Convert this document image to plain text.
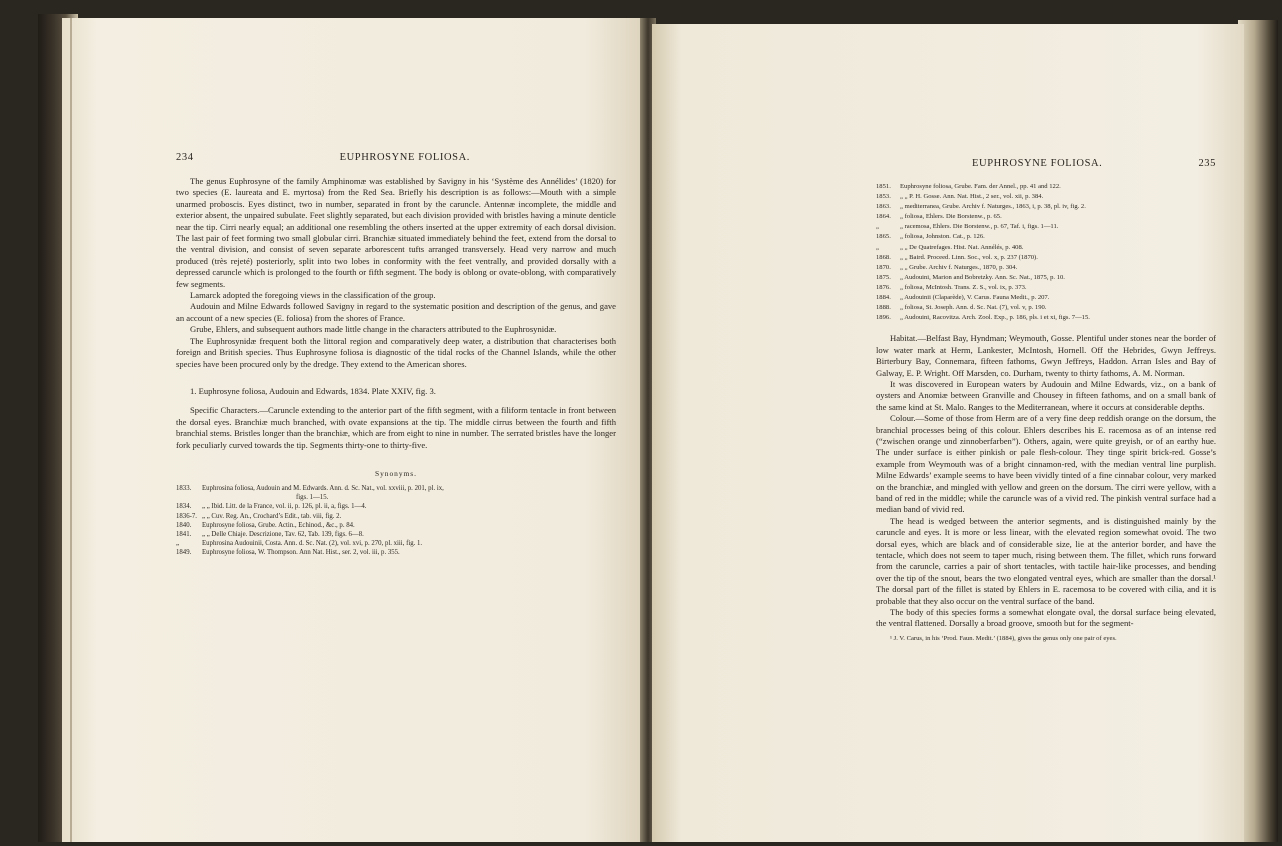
234	EUPHROSYNE FOLIOSA.

The genus Euphrosyne of the family Amphinomæ was established by Savigny in his ‘Système des Annélides’ (1820) for two species (E. laureata and E. myrtosa) from the Red Sea. Briefly his description is as follows:—Mouth with a simple unarmed proboscis. Eyes distinct, two in number, separated in front by the caruncle. Antennæ incomplete, the middle and exterior absent, the unpaired subulate. Feet slightly separated, but each division provided with bristles having a minute denticle near the tip. Cirri nearly equal; an additional one resembling the others inserted at the upper extremity of each dorsal division. The last pair of feet forming two small globular cirri. Branchiæ situated immediately behind the feet, extend from the dorsal to the ventral division, and consist of seven separate arborescent tufts arranged transversely. Head very narrow and much produced (très rejeté) posteriorly, split into two lobes in conformity with the feet ventrally, and provided dorsally with a depressed caruncle which is prolonged to the fourth or fifth segment. The body is oblong or ovate-oblong, with comparatively few segments.

Lamarck adopted the foregoing views in the classification of the group.

Audouin and Milne Edwards followed Savigny in regard to the systematic position and description of the genus, and gave an account of a new species (E. foliosa) from the shores of France.

Grube, Ehlers, and subsequent authors made little change in the characters attributed to the Euphrosynidæ.

The Euphrosynidæ frequent both the littoral region and comparatively deep water, a distribution that characterises both foreign and British species. Thus Euphrosyne foliosa is diagnostic of the tidal rocks of the Channel Islands, while the other species have been procured only by the dredge. They extend to the American shores.

1. Euphrosyne foliosa, Audouin and Edwards, 1834. Plate XXIV, fig. 3.

Specific Characters.—Caruncle extending to the anterior part of the fifth segment, with a filiform tentacle in front between the dorsal eyes. Branchiæ much branched, with ovate expansions at the tip. The middle cirrus between the fourth and fifth branchial stems. Bristles longer than the branchiæ, which are from eight to nine in number. The serrated bristles have the longer fork peculiarly curved towards the tip. Segments thirty-one to thirty-five.

Synonyms.
1833. Euphrosina foliosa, Audouin and M. Edwards. Ann. d. Sc. Nat., vol. xxviii, p. 201, pl. ix,
figs. 1—15.
1834. „ „ Ibid. Litt. de la France, vol. ii, p. 126, pl. ii, a, figs. 1—4.
1836-7. „ „ Cuv. Reg. An., Crochard’s Edit., tab. viii, fig. 2.
1840. Euphrosyne foliosa, Grube. Actin., Echinod., &c., p. 84.
1841. „ „ Delle Chiaje. Descrizione, Tav. 62, Tab. 139, figs. 6—8.
„	Euphrosina Audouinii, Costa. Ann. d. Sc. Nat. (2), vol. xvi, p. 270, pl. xiii, fig. 1.
1849. Euphrosyne foliosa, W. Thompson. Ann Nat. Hist., ser. 2, vol. iii, p. 355.
EUPHROSYNE FOLIOSA.	235
1851. Euphrosyne foliosa, Grube. Fam. der Annel., pp. 41 and 122.
1853. „ „ P. H. Gosse. Ann. Nat. Hist., 2 ser., vol. xii, p. 384.
1863. „ mediterranea, Grube. Archiv f. Naturges., 1863, i, p. 38, pl. iv, fig. 2.
1864. „ foliosa, Ehlers. Die Borstenw., p. 65.
„	„ racemosa, Ehlers. Die Borstenw., p. 67, Taf. i, figs. 1—11.
1865. „ foliosa, Johnston. Cat., p. 126.
„	„ „ De Quatrefages. Hist. Nat. Annélés, p. 408.
1868. „ „ Baird. Proceed. Linn. Soc., vol. x, p. 237 (1870).
1870. „ „ Grube. Archiv f. Naturges., 1870, p. 304.
1875. „ Audouini, Marion and Bobretzky. Ann. Sc. Nat., 1875, p. 10.
1876. „ foliosa, McIntosh. Trans. Z. S., vol. ix, p. 373.
1884. „ Audouinii (Claparède), V. Carus. Fauna Medit., p. 207.
1888. „ foliosa, St. Joseph. Ann. d. Sc. Nat. (7), vol. v, p. 190.
1896. „ Audouini, Racovitza. Arch. Zool. Exp., p. 186, pls. i et xi, figs. 7—15.

Habitat.—Belfast Bay, Hyndman; Weymouth, Gosse. Plentiful under stones near the border of low water mark at Herm, Lankester, McIntosh, Hornell. Off the Hebrides, Gwyn Jeffreys. Birterbury Bay, Connemara, fifteen fathoms, Gwyn Jeffreys, Haddon. Arran Isles and Bay of Galway, E. P. Wright. Off Marsden, co. Durham, twenty to thirty fathoms, A. M. Norman.

It was discovered in European waters by Audouin and Milne Edwards, viz., on a bank of oysters and Anomiæ between Granville and Chousey in fifteen fathoms, and on a small bank of the same kind at St. Malo. Ranges to the Mediterranean, where it occurs at considerable depths.

Colour.—Some of those from Herm are of a very fine deep reddish orange on the dorsum, the branchial processes being of this colour. Ehlers describes his E. racemosa as of an intense red (“zwischen orange und zinnoberfarben”). Others, again, were quite greyish, or of an earthy hue. The under surface is either pinkish or pale flesh-colour. They tinge spirit brick-red. Gosse’s example from Weymouth was of a bright cinnamon-red, with the median ventral line purplish. Milne Edwards’ example seems to have been vividly tinted of a fine cinnabar colour, very marked on the branchiæ, and mingled with yellow and green on the dorsum. The cirri were yellow, with a band of red in the middle; while the caruncle was of a vivid red. The pinkish ventral surface had a median band of vivid red.

The head is wedged between the anterior segments, and is distinguished mainly by the caruncle and eyes. It is more or less linear, with the elevated region somewhat ovoid. The two dorsal eyes, which are black and of considerable size, lie at the anterior border, and have the tentacle, which does not seem to taper much, rising between them. The fillet, which runs forward from the caruncle, carries a pair of short tentacles, with tactile hair-like processes, and bending over the tip of the snout, bears the two elongated ventral eyes, which are smaller than the dorsal.¹ The dorsal part of the fillet is stated by Ehlers in E. racemosa to be covered with cilia, and it is probable that they also occur on the ventral surface of the band.

The body of this species forms a somewhat elongate oval, the dorsal surface being elevated, the ventral flattened. Dorsally a broad groove, smooth but for the segment-

¹ J. V. Carus, in his ‘Prod. Faun. Medit.’ (1884), gives the genus only one pair of eyes.
